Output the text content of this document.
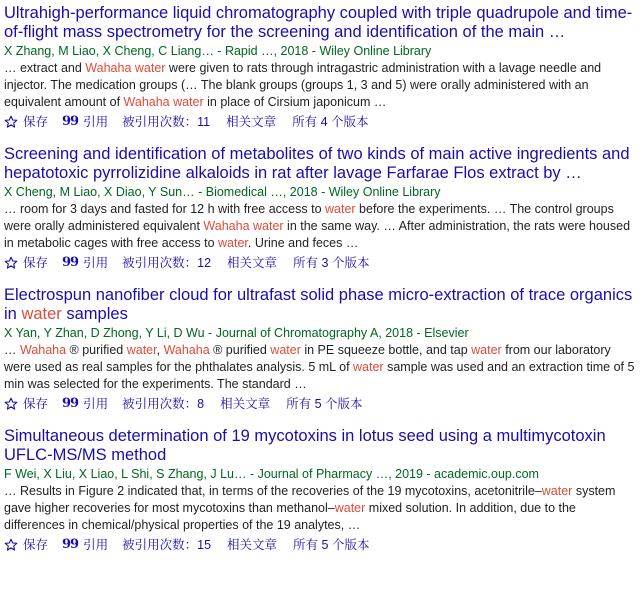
Ultrahigh-performance liquid chromatography coupled with triple quadrupole and time-of-flight mass spectrometry for the screening and identification of the main …
X Zhang, M Liao, X Cheng, C Liang… - Rapid …, 2018 - Wiley Online Library
… extract and Wahaha water were given to rats through intragastric administration with a lavage needle and injector. The medication groups (… The blank groups (groups 1, 3 and 5) were orally administered with an equivalent amount of Wahaha water in place of Cirsium japonicum …
保存 99 引用 被引用次数：11 相关文章 所有 4 个版本
Screening and identification of metabolites of two kinds of main active ingredients and hepatotoxic pyrrolizidine alkaloids in rat after lavage Farfarae Flos extract by …
X Cheng, M Liao, X Diao, Y Sun… - Biomedical …, 2018 - Wiley Online Library
… room for 3 days and fasted for 12 h with free access to water before the experiments. … The control groups were orally administered equivalent Wahaha water in the same way. … After administration, the rats were housed in metabolic cages with free access to water. Urine and feces …
保存 99 引用 被引用次数：12 相关文章 所有 3 个版本
Electrospun nanofiber cloud for ultrafast solid phase micro-extraction of trace organics in water samples
X Yan, Y Zhan, D Zhong, Y Li, D Wu - Journal of Chromatography A, 2018 - Elsevier
… Wahaha ® purified water, Wahaha ® purified water in PE squeeze bottle, and tap water from our laboratory were used as real samples for the phthalates analysis. 5 mL of water sample was used and an extraction time of 5 min was selected for the experiments. The standard …
保存 99 引用 被引用次数：8 相关文章 所有 5 个版本
Simultaneous determination of 19 mycotoxins in lotus seed using a multimycotoxin UFLC-MS/MS method
F Wei, X Liu, X Liao, L Shi, S Zhang, J Lu… - Journal of Pharmacy …, 2019 - academic.oup.com
… Results in Figure 2 indicated that, in terms of the recoveries of the 19 mycotoxins, acetonitrile–water system gave higher recoveries for most mycotoxins than methanol–water mixed solution. In addition, due to the differences in chemical/physical properties of the 19 analytes, …
保存 99 引用 被引用次数：15 相关文章 所有 5 个版本
